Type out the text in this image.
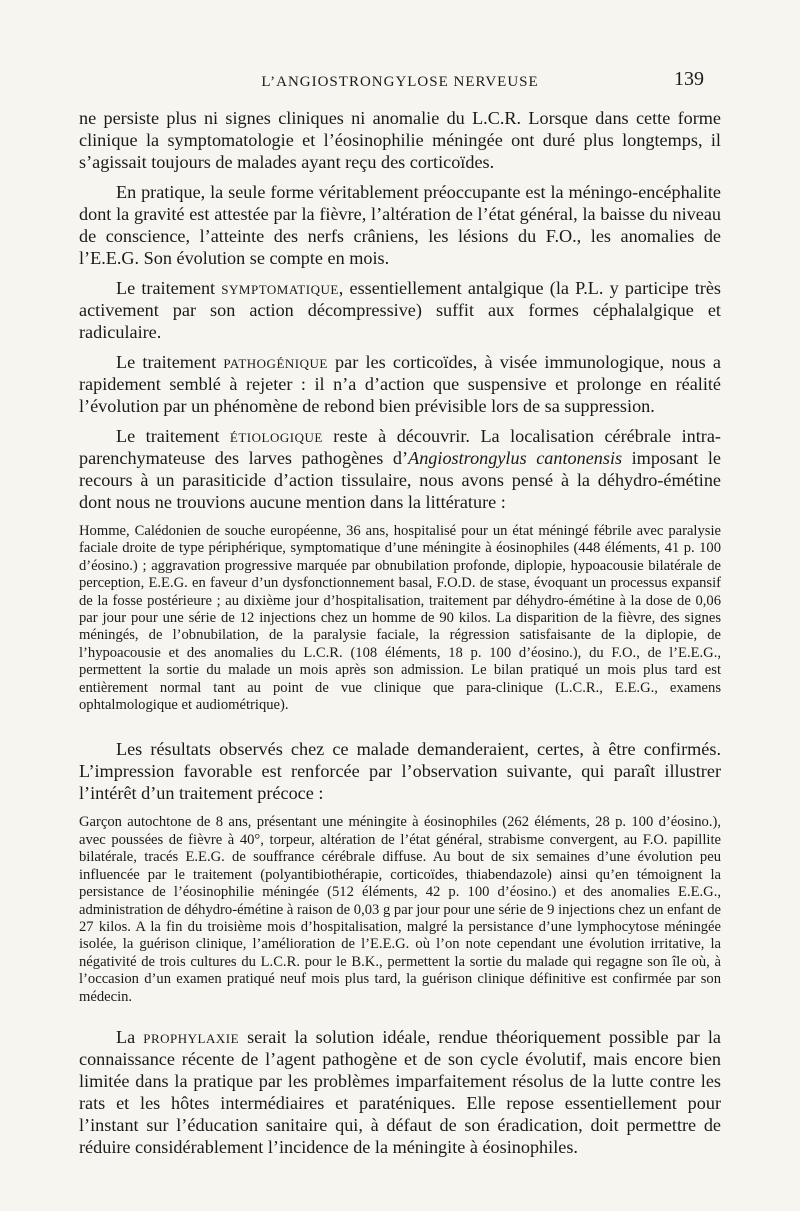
L’ANGIOSTRONGYLOSE NERVEUSE	139

ne persiste plus ni signes cliniques ni anomalie du L.C.R. Lorsque dans cette forme clinique la symptomatologie et l’éosinophilie méningée ont duré plus longtemps, il s’agissait toujours de malades ayant reçu des corticoïdes.

En pratique, la seule forme véritablement préoccupante est la méningo-encéphalite dont la gravité est attestée par la fièvre, l’altération de l’état général, la baisse du niveau de conscience, l’atteinte des nerfs crâniens, les lésions du F.O., les anomalies de l’E.E.G. Son évolution se compte en mois.

Le traitement symptomatique, essentiellement antalgique (la P.L. y participe très activement par son action décompressive) suffit aux formes céphalalgique et radiculaire.

Le traitement pathogénique par les corticoïdes, à visée immunologique, nous a rapidement semblé à rejeter : il n’a d’action que suspensive et prolonge en réalité l’évolution par un phénomène de rebond bien prévisible lors de sa suppression.

Le traitement étiologique reste à découvrir. La localisation cérébrale intra-parenchymateuse des larves pathogènes d’Angiostrongylus cantonensis imposant le recours à un parasiticide d’action tissulaire, nous avons pensé à la déhydro-émétine dont nous ne trouvions aucune mention dans la littérature :

Homme, Calédonien de souche européenne, 36 ans, hospitalisé pour un état méningé fébrile avec paralysie faciale droite de type périphérique, symptomatique d’une méningite à éosinophiles (448 éléments, 41 p. 100 d’éosino.) ; aggravation progressive marquée par obnubilation profonde, diplopie, hypoacousie bilatérale de perception, E.E.G. en faveur d’un dysfonctionnement basal, F.O.D. de stase, évoquant un processus expansif de la fosse postérieure ; au dixième jour d’hospitalisation, traitement par déhydro-émétine à la dose de 0,06 par jour pour une série de 12 injections chez un homme de 90 kilos. La disparition de la fièvre, des signes méningés, de l’obnubilation, de la paralysie faciale, la régression satisfaisante de la diplopie, de l’hypoacousie et des anomalies du L.C.R. (108 éléments, 18 p. 100 d’éosino.), du F.O., de l’E.E.G., permettent la sortie du malade un mois après son admission. Le bilan pratiqué un mois plus tard est entièrement normal tant au point de vue clinique que para-clinique (L.C.R., E.E.G., examens ophtalmologique et audiométrique).

Les résultats observés chez ce malade demanderaient, certes, à être confirmés. L’impression favorable est renforcée par l’observation suivante, qui paraît illustrer l’intérêt d’un traitement précoce :

Garçon autochtone de 8 ans, présentant une méningite à éosinophiles (262 éléments, 28 p. 100 d’éosino.), avec poussées de fièvre à 40°, torpeur, altération de l’état général, strabisme convergent, au F.O. papillite bilatérale, tracés E.E.G. de souffrance cérébrale diffuse. Au bout de six semaines d’une évolution peu influencée par le traitement (polyantibiothérapie, corticoïdes, thiabendazole) ainsi qu’en témoignent la persistance de l’éosinophilie méningée (512 éléments, 42 p. 100 d’éosino.) et des anomalies E.E.G., administration de déhydro-émétine à raison de 0,03 g par jour pour une série de 9 injections chez un enfant de 27 kilos. A la fin du troisième mois d’hospitalisation, malgré la persistance d’une lymphocytose méningée isolée, la guérison clinique, l’amélioration de l’E.E.G. où l’on note cependant une évolution irritative, la négativité de trois cultures du L.C.R. pour le B.K., permettent la sortie du malade qui regagne son île où, à l’occasion d’un examen pratiqué neuf mois plus tard, la guérison clinique définitive est confirmée par son médecin.

La prophylaxie serait la solution idéale, rendue théoriquement possible par la connaissance récente de l’agent pathogène et de son cycle évolutif, mais encore bien limitée dans la pratique par les problèmes imparfaitement résolus de la lutte contre les rats et les hôtes intermédiaires et paraténiques. Elle repose essentiellement pour l’instant sur l’éducation sanitaire qui, à défaut de son éradication, doit permettre de réduire considérablement l’incidence de la méningite à éosinophiles.
